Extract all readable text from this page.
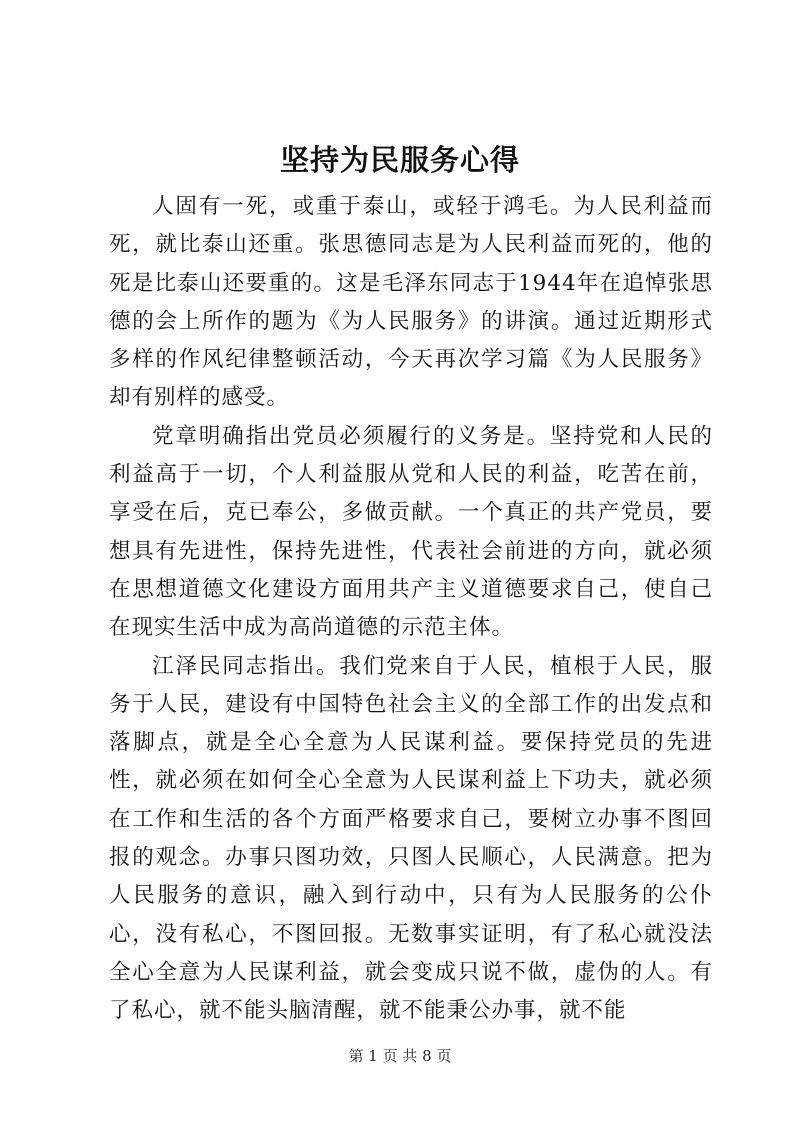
坚持为民服务心得

人固有一死，或重于泰山，或轻于鸿毛。为人民利益而死，就比泰山还重。张思德同志是为人民利益而死的，他的死是比泰山还要重的。这是毛泽东同志于1944年在追悼张思德的会上所作的题为《为人民服务》的讲演。通过近期形式多样的作风纪律整顿活动，今天再次学习篇《为人民服务》却有别样的感受。

党章明确指出党员必须履行的义务是。坚持党和人民的利益高于一切，个人利益服从党和人民的利益，吃苦在前，享受在后，克已奉公，多做贡献。一个真正的共产党员，要想具有先进性，保持先进性，代表社会前进的方向，就必须在思想道德文化建设方面用共产主义道德要求自己，使自己在现实生活中成为高尚道德的示范主体。

江泽民同志指出。我们党来自于人民，植根于人民，服务于人民，建设有中国特色社会主义的全部工作的出发点和落脚点，就是全心全意为人民谋利益。要保持党员的先进性，就必须在如何全心全意为人民谋利益上下功夫，就必须在工作和生活的各个方面严格要求自己，要树立办事不图回报的观念。办事只图功效，只图人民顺心，人民满意。把为人民服务的意识，融入到行动中，只有为人民服务的公仆心，没有私心，不图回报。无数事实证明，有了私心就没法全心全意为人民谋利益，就会变成只说不做，虚伪的人。有了私心，就不能头脑清醒，就不能秉公办事，就不能

第 1 页 共 8 页
